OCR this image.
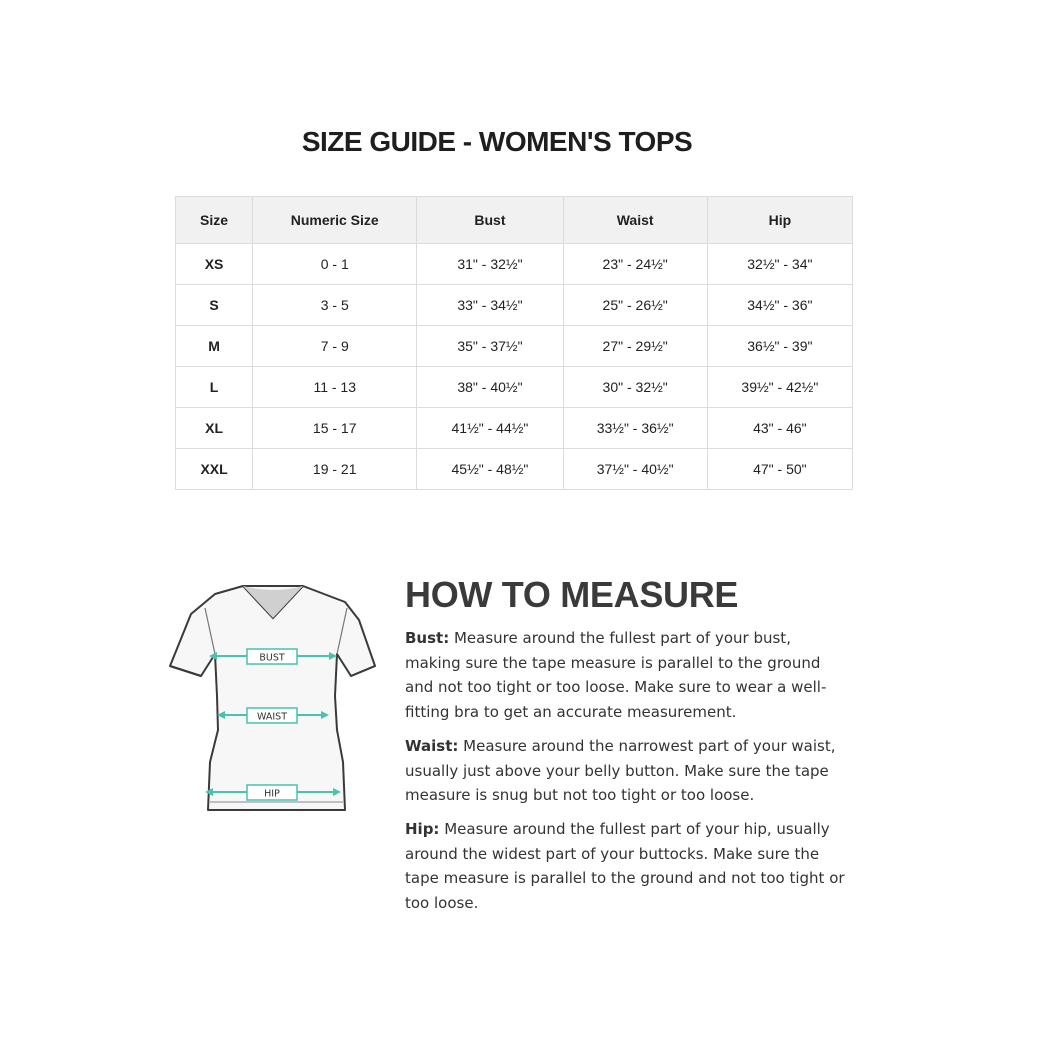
SIZE GUIDE - WOMEN'S TOPS
Size	Numeric Size	Bust	Waist	Hip
XS	0 - 1	31" - 32½"	23" - 24½"	32½" - 34"
S	3 - 5	33" - 34½"	25" - 26½"	34½" - 36"
M	7 - 9	35" - 37½"	27" - 29½"	36½" - 39"
L	11 - 13	38" - 40½"	30" - 32½"	39½" - 42½"
XL	15 - 17	41½" - 44½"	33½" - 36½"	43" - 46"
XXL	19 - 21	45½" - 48½"	37½" - 40½"	47" - 50"
BUST
WAIST
HIP
HOW TO MEASURE

Bust: Measure around the fullest part of your bust, making sure the tape measure is parallel to the ground and not too tight or too loose. Make sure to wear a well-fitting bra to get an accurate measurement.

Waist: Measure around the narrowest part of your waist, usually just above your belly button. Make sure the tape measure is snug but not too tight or too loose.

Hip: Measure around the fullest part of your hip, usually around the widest part of your buttocks. Make sure the tape measure is parallel to the ground and not too tight or too loose.
